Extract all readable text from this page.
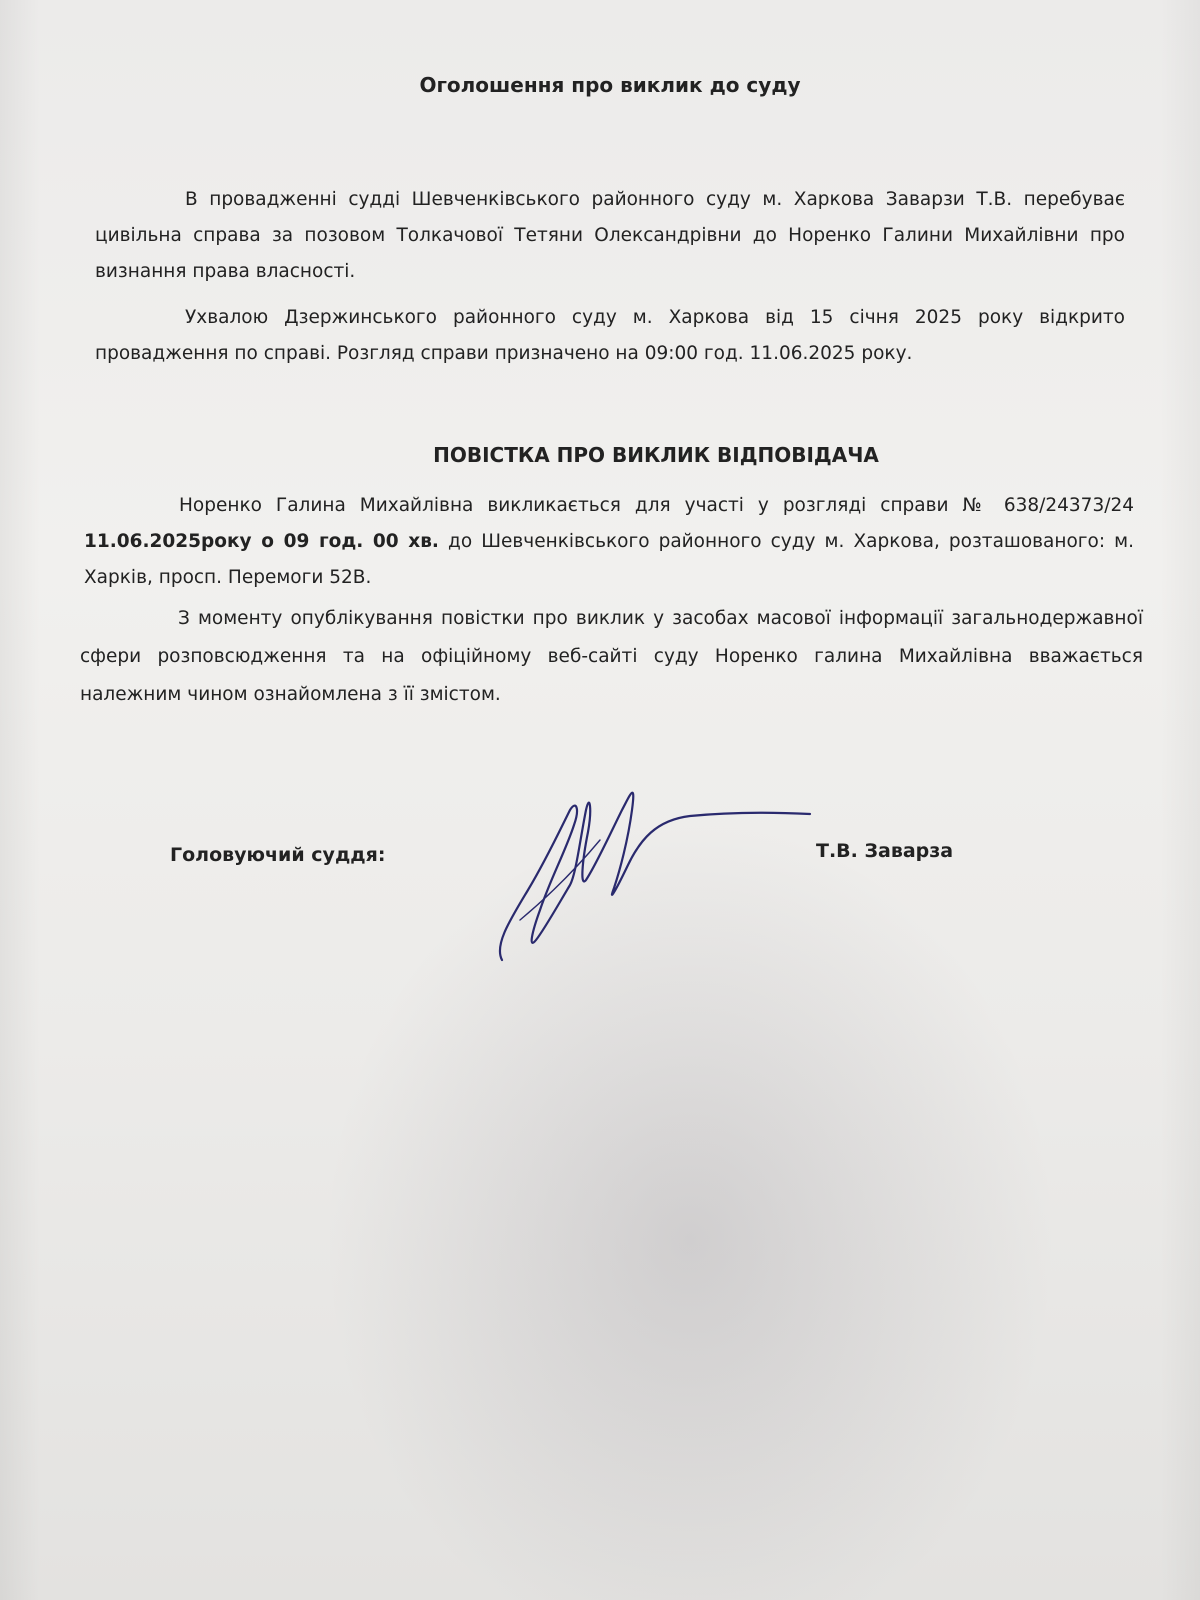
Оголошення про виклик до суду
В провадженні судді Шевченківського районного суду м. Харкова Заварзи Т.В. перебуває цивільна справа за позовом Толкачової Тетяни Олександрівни до Норенко Галини Михайлівни про визнання права власності.
Ухвалою Дзержинського районного суду м. Харкова від 15 січня 2025 року відкрито провадження по справі. Розгляд справи призначено на 09:00 год. 11.06.2025 року.
ПОВІСТКА ПРО ВИКЛИК ВІДПОВІДАЧА
Норенко Галина Михайлівна викликається для участі у розгляді справи № 638/24373/24 11.06.2025року о 09 год. 00 хв. до Шевченківського районного суду м. Харкова, розташованого: м. Харків, просп. Перемоги 52В.
З моменту опублікування повістки про виклик у засобах масової інформації загальнодержавної сфери розповсюдження та на офіційному веб-сайті суду Норенко галина Михайлівна вважається належним чином ознайомлена з її змістом.
Головуючий суддя:	Т.В. Заварза
